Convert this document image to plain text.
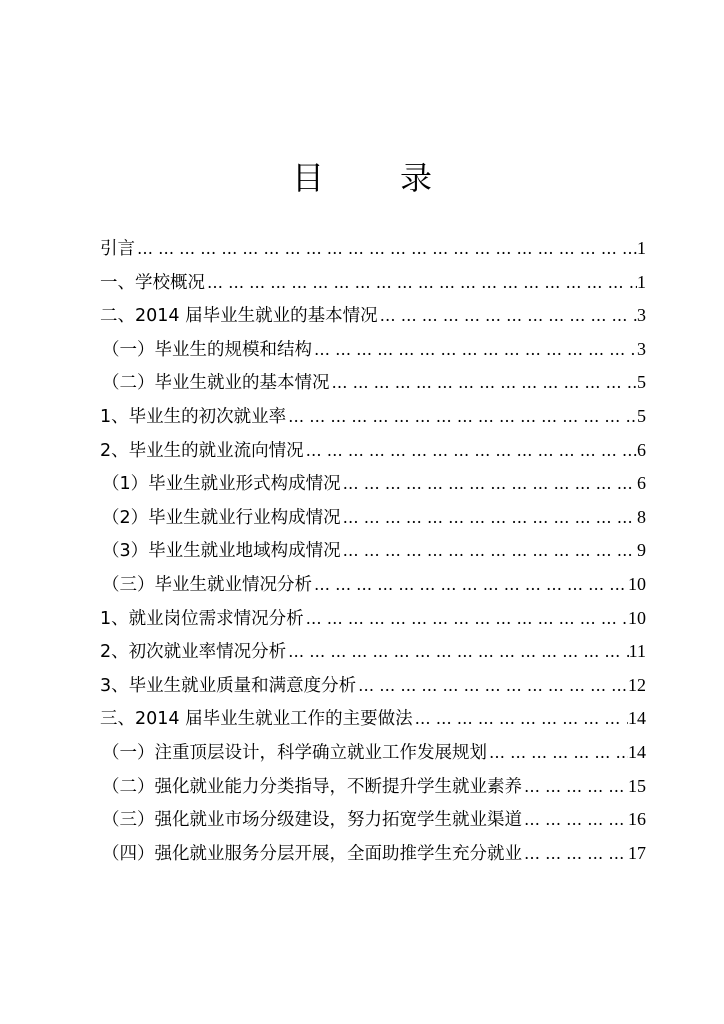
目　录
引言 … … … … … … … … … … … … … … … … … … … … … … … … … … … … … … … … … … … … … … … … … …	1
一、学校概况 … … … … … … … … … … … … … … … … … … … … … … … … … … … … … … … … … … … … … … … … … …	1
二、2014 届毕业生就业的基本情况 … … … … … … … … … … … … … … … … … … … … … … … … … … … … … … … … … … … … … … … … … …	3
（一）毕业生的规模和结构 … … … … … … … … … … … … … … … … … … … … … … … … … … … … … … … … … … … … … … … … … …	3
（二）毕业生就业的基本情况 … … … … … … … … … … … … … … … … … … … … … … … … … … … … … … … … … … … … … … … … … …	5
1、毕业生的初次就业率 … … … … … … … … … … … … … … … … … … … … … … … … … … … … … … … … … … … … … … … … … …	5
2、毕业生的就业流向情况 … … … … … … … … … … … … … … … … … … … … … … … … … … … … … … … … … … … … … … … … … …	6
（1）毕业生就业形式构成情况 … … … … … … … … … … … … … … … … … … … … … … … … … … … … … … … … … … … … … … … … … …	6
（2）毕业生就业行业构成情况 … … … … … … … … … … … … … … … … … … … … … … … … … … … … … … … … … … … … … … … … … …	8
（3）毕业生就业地域构成情况 … … … … … … … … … … … … … … … … … … … … … … … … … … … … … … … … … … … … … … … … … …	9
（三）毕业生就业情况分析 … … … … … … … … … … … … … … … … … … … … … … … … … … … … … … … … … … … … … … … … … …	10
1、就业岗位需求情况分析 … … … … … … … … … … … … … … … … … … … … … … … … … … … … … … … … … … … … … … … … … …	10
2、初次就业率情况分析 … … … … … … … … … … … … … … … … … … … … … … … … … … … … … … … … … … … … … … … … … …	11
3、毕业生就业质量和满意度分析 … … … … … … … … … … … … … … … … … … … … … … … … … … … … … … … … … … … … … … … … … …	12
三、2014 届毕业生就业工作的主要做法 … … … … … … … … … … … … … … … … … … … … … … … … … … … … … … … … … … … … … … … … … …	14
（一）注重顶层设计，科学确立就业工作发展规划 … … … … … … … … … … … … … … … … … … … … … … … … … … … … … … … … … … … … … … … … … …	14
（二）强化就业能力分类指导，不断提升学生就业素养 … … … … … … … … … … … … … … … … … … … … … … … … … … … … … … … … … … … … … … … … … …	15
（三）强化就业市场分级建设，努力拓宽学生就业渠道 … … … … … … … … … … … … … … … … … … … … … … … … … … … … … … … … … … … … … … … … … …	16
（四）强化就业服务分层开展，全面助推学生充分就业 … … … … … … … … … … … … … … … … … … … … … … … … … … … … … … … … … … … … … … … … … …	17
